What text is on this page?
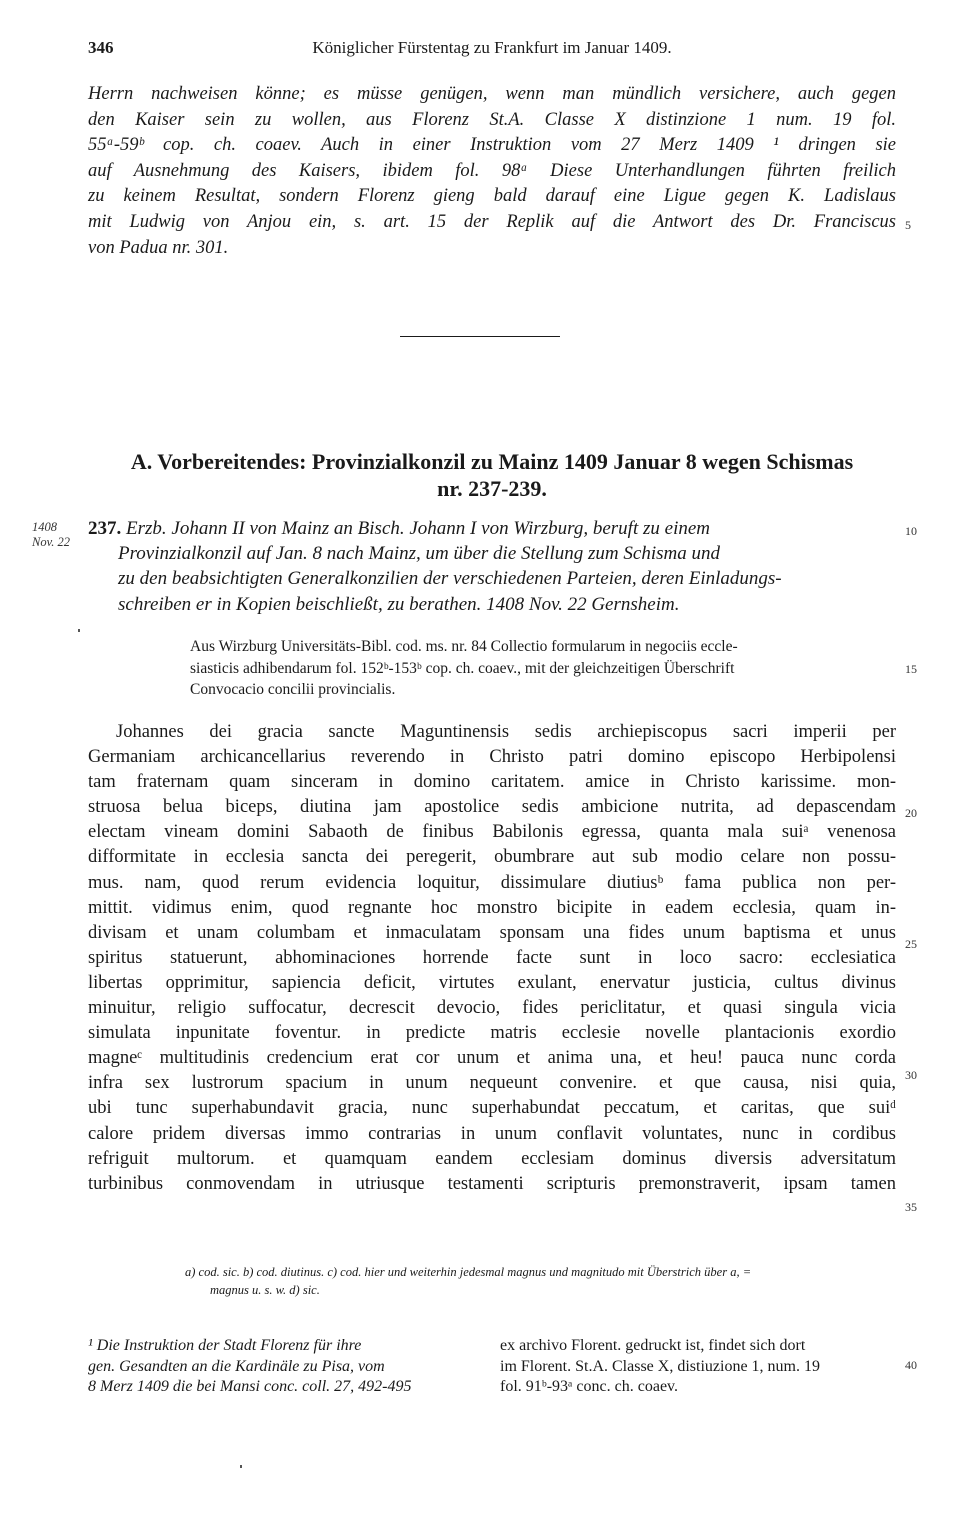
346	Königlicher Fürstentag zu Frankfurt im Januar 1409.
Herrn nachweisen könne; es müsse genügen, wenn man mündlich versichere, auch gegen
den Kaiser sein zu wollen, aus Florenz St.A. Classe X distinzione 1 num. 19 fol.
55ᵃ-59ᵇ cop. ch. coaev. Auch in einer Instruktion vom 27 Merz 1409 ¹ dringen sie
auf Ausnehmung des Kaisers, ibidem fol. 98ᵃ Diese Unterhandlungen führten freilich
zu keinem Resultat, sondern Florenz gieng bald darauf eine Ligue gegen K. Ladislaus
mit Ludwig von Anjou ein, s. art. 15 der Replik auf die Antwort des Dr. Franciscus
von Padua nr. 301.
A. Vorbereitendes: Provinzialkonzil zu Mainz 1409 Januar 8 wegen Schismas
nr. 237-239.
1408
Nov. 22
237. Erzb. Johann II von Mainz an Bisch. Johann I von Wirzburg, beruft zu einem
Provinzialkonzil auf Jan. 8 nach Mainz, um über die Stellung zum Schisma und
zu den beabsichtigten Generalkonzilien der verschiedenen Parteien, deren Einladungs-
schreiben er in Kopien beischließt, zu berathen. 1408 Nov. 22 Gernsheim.
Aus Wirzburg Universitäts-Bibl. cod. ms. nr. 84 Collectio formularum in negociis eccle-
siasticis adhibendarum fol. 152ᵇ-153ᵇ cop. ch. coaev., mit der gleichzeitigen Überschrift
Convocacio concilii provincialis.
Johannes dei gracia sancte Maguntinensis sedis archiepiscopus sacri imperii per
Germaniam archicancellarius reverendo in Christo patri domino episcopo Herbipolensi
tam fraternam quam sinceram in domino caritatem. amice in Christo karissime. mon-
struosa belua biceps, diutina jam apostolice sedis ambicione nutrita, ad depascendam
electam vineam domini Sabaoth de finibus Babilonis egressa, quanta mala suiᵃ venenosa
difformitate in ecclesia sancta dei peregerit, obumbrare aut sub modio celare non possu-
mus. nam, quod rerum evidencia loquitur, dissimulare diutiusᵇ fama publica non per-
mittit. vidimus enim, quod regnante hoc monstro bicipite in eadem ecclesia, quam in-
divisam et unam columbam et inmaculatam sponsam una fides unum baptisma et unus
spiritus statuerunt, abhominaciones horrende facte sunt in loco sacro: ecclesiatica
libertas opprimitur, sapiencia deficit, virtutes exulant, enervatur justicia, cultus divinus
minuitur, religio suffocatur, decrescit devocio, fides periclitatur, et quasi singula vicia
simulata inpunitate foventur. in predicte matris ecclesie novelle plantacionis exordio
magneᶜ multitudinis credencium erat cor unum et anima una, et heu! pauca nunc corda
infra sex lustrorum spacium in unum nequeunt convenire. et que causa, nisi quia,
ubi tunc superhabundavit gracia, nunc superhabundat peccatum, et caritas, que suiᵈ
calore pridem diversas immo contrarias in unum conflavit voluntates, nunc in cordibus
refriguit multorum. et quamquam eandem ecclesiam dominus diversis adversitatum
turbinibus conmovendam in utriusque testamenti scripturis premonstraverit, ipsam tamen
a) cod. sic. b) cod. diutinus. c) cod. hier und weiterhin jedesmal magnus und magnitudo mit Überstrich über a, =
magnus u. s. w. d) sic.
¹ Die Instruktion der Stadt Florenz für ihre
gen. Gesandten an die Kardinäle zu Pisa, vom
8 Merz 1409 die bei Mansi conc. coll. 27, 492-495
ex archivo Florent. gedruckt ist, findet sich dort
im Florent. St.A. Classe X, distiuzione 1, num. 19
fol. 91ᵇ-93ᵃ conc. ch. coaev.
5
10
15
20
25
30
35
40
